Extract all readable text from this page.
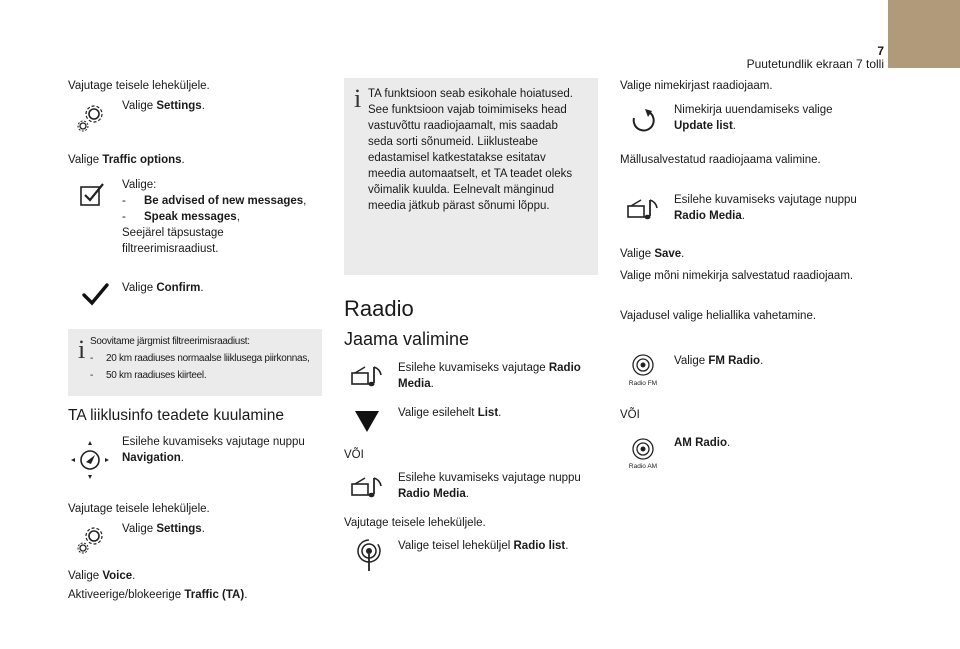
7
Puutetundlik ekraan 7 tolli
Vajutage teisele leheküljele.
Valige Settings.
Valige Traffic options.
Valige:
- Be advised of new messages,
- Speak messages,
Seejärel täpsustage
filtreerimisraadiust.
Valige Confirm.
i Soovitame järgmist filtreerimisraadiust:
- 20 km raadiuses normaalse liiklusega piirkonnas,
- 50 km raadiuses kiirteel.
TA liiklusinfo teadete kuulamine
Esilehe kuvamiseks vajutage nuppu
Navigation.
Vajutage teisele leheküljele.
Valige Settings.
Valige Voice.
Aktiveerige/blokeerige Traffic (TA).
i TA funktsioon seab esikohale hoiatused.
See funktsioon vajab toimimiseks head
vastuvõttu raadiojaamalt, mis saadab
seda sorti sõnumeid. Liiklusteabe
edastamisel katkestatakse esitatav
meedia automaatselt, et TA teadet oleks
võimalik kuulda. Eelnevalt mänginud
meedia jätkub pärast sõnumi lõppu.
Raadio
Jaama valimine
Esilehe kuvamiseks vajutage Radio
Media.
Valige esilehelt List.
VÕI
Esilehe kuvamiseks vajutage nuppu
Radio Media.
Vajutage teisele leheküljele.
Valige teisel leheküljel Radio list.
Valige nimekirjast raadiojaam.
Nimekirja uuendamiseks valige
Update list.
Mällusalvestatud raadiojaama valimine.
Esilehe kuvamiseks vajutage nuppu
Radio Media.
Valige Save.
Valige mõni nimekirja salvestatud raadiojaam.
Vajadusel valige heliallika vahetamine.
Radio FM
Valige FM Radio.
VÕI
Radio AM
AM Radio.
